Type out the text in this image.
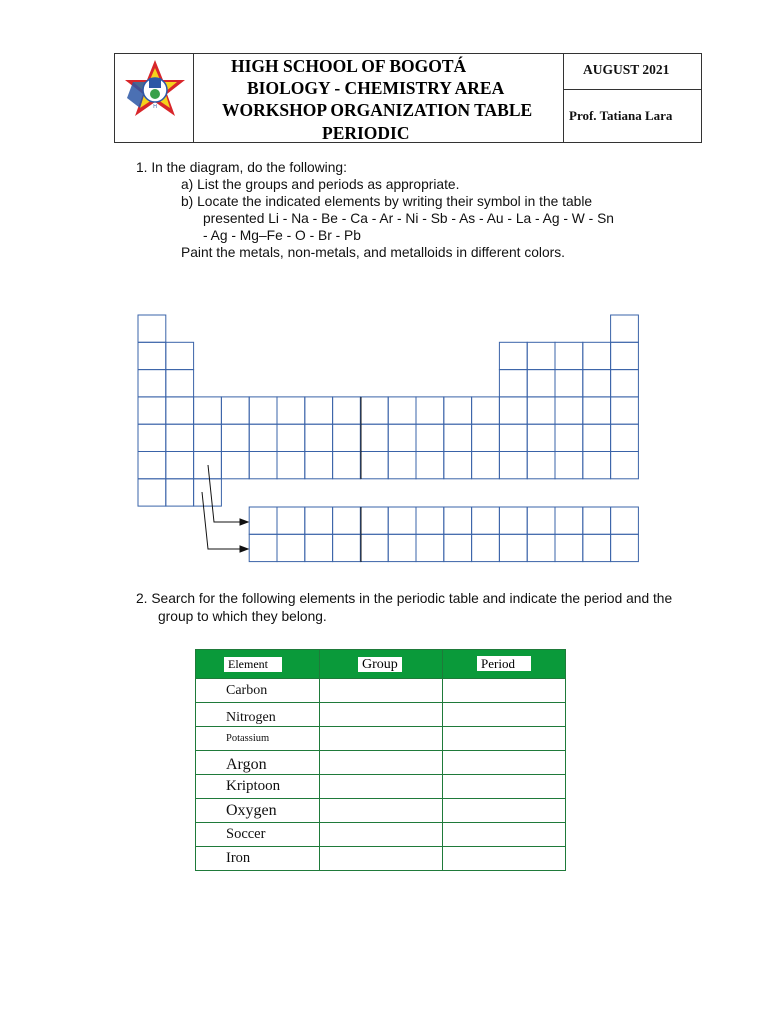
H
HIGH SCHOOL OF BOGOTÁ
BIOLOGY - CHEMISTRY AREA
WORKSHOP ORGANIZATION TABLE
PERIODIC
AUGUST 2021
Prof. Tatiana Lara
1. In the diagram, do the following:
a) List the groups and periods as appropriate.
b) Locate the indicated elements by writing their symbol in the table
presented Li - Na - Be - Ca - Ar - Ni - Sb - As - Au - La - Ag - W - Sn
- Ag - Mg–Fe - O - Br - Pb
Paint the metals, non-metals, and metalloids in different colors.
2. Search for the following elements in the periodic table and indicate the period and the
group to which they belong.
Element	Group	Period
Carbon		
Nitrogen		
Potassium		
Argon		
Kriptoon		
Oxygen		
Soccer		
Iron		
